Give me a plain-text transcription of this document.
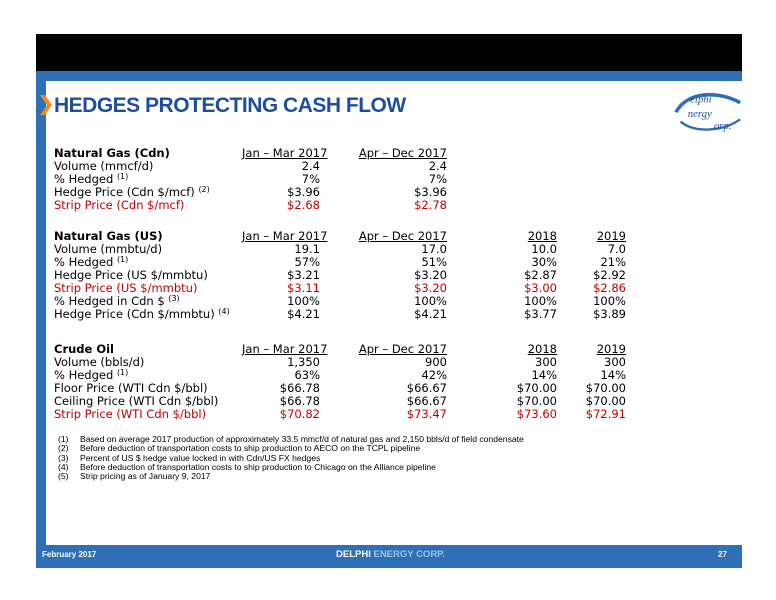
HEDGES PROTECTING CASH FLOW	elphi
nergy
orp.
Natural Gas (Cdn)	Jan – Mar 2017	Apr – Dec 2017
Volume (mmcf/d)	2.4	2.4
% Hedged $^{(1)}$	7%	7%
Hedge Price (Cdn $/mcf) $^{(2)}$	$3.96	$3.96
Strip Price (Cdn $/mcf)	$2.68	$2.78
Natural Gas (US)	Jan – Mar 2017	Apr – Dec 2017	2018	2019
Volume (mmbtu/d)	19.1	17.0	10.0	7.0
% Hedged $^{(1)}$	57%	51%	30%	21%
Hedge Price (US $/mmbtu)	$3.21	$3.20	$2.87	$2.92
Strip Price (US $/mmbtu)	$3.11	$3.20	$3.00	$2.86
% Hedged in Cdn $ $^{(3)}$	100%	100%	100%	100%
Hedge Price (Cdn $/mmbtu) $^{(4)}$	$4.21	$4.21	$3.77	$3.89
Crude Oil	Jan – Mar 2017	Apr – Dec 2017	2018	2019
Volume (bbls/d)	1,350	900	300	300
% Hedged $^{(1)}$	63%	42%	14%	14%
Floor Price (WTI Cdn $/bbl)	$66.78	$66.67	$70.00	$70.00
Ceiling Price (WTI Cdn $/bbl)	$66.78	$66.67	$70.00	$70.00
Strip Price (WTI Cdn $/bbl)	$70.82	$73.47	$73.60	$72.91
(1) Based on average 2017 production of approximately 33.5 mmcf/d of natural gas and 2,150 bbls/d of field condensate
(2) Before deduction of transportation costs to ship production to AECO on the TCPL pipeline
(3) Percent of US $ hedge value locked in with Cdn/US FX hedges
(4) Before deduction of transportation costs to ship production to Chicago on the Alliance pipeline
(5) Strip pricing as of January 9, 2017
February 2017	DELPHI ENERGY CORP.	27
